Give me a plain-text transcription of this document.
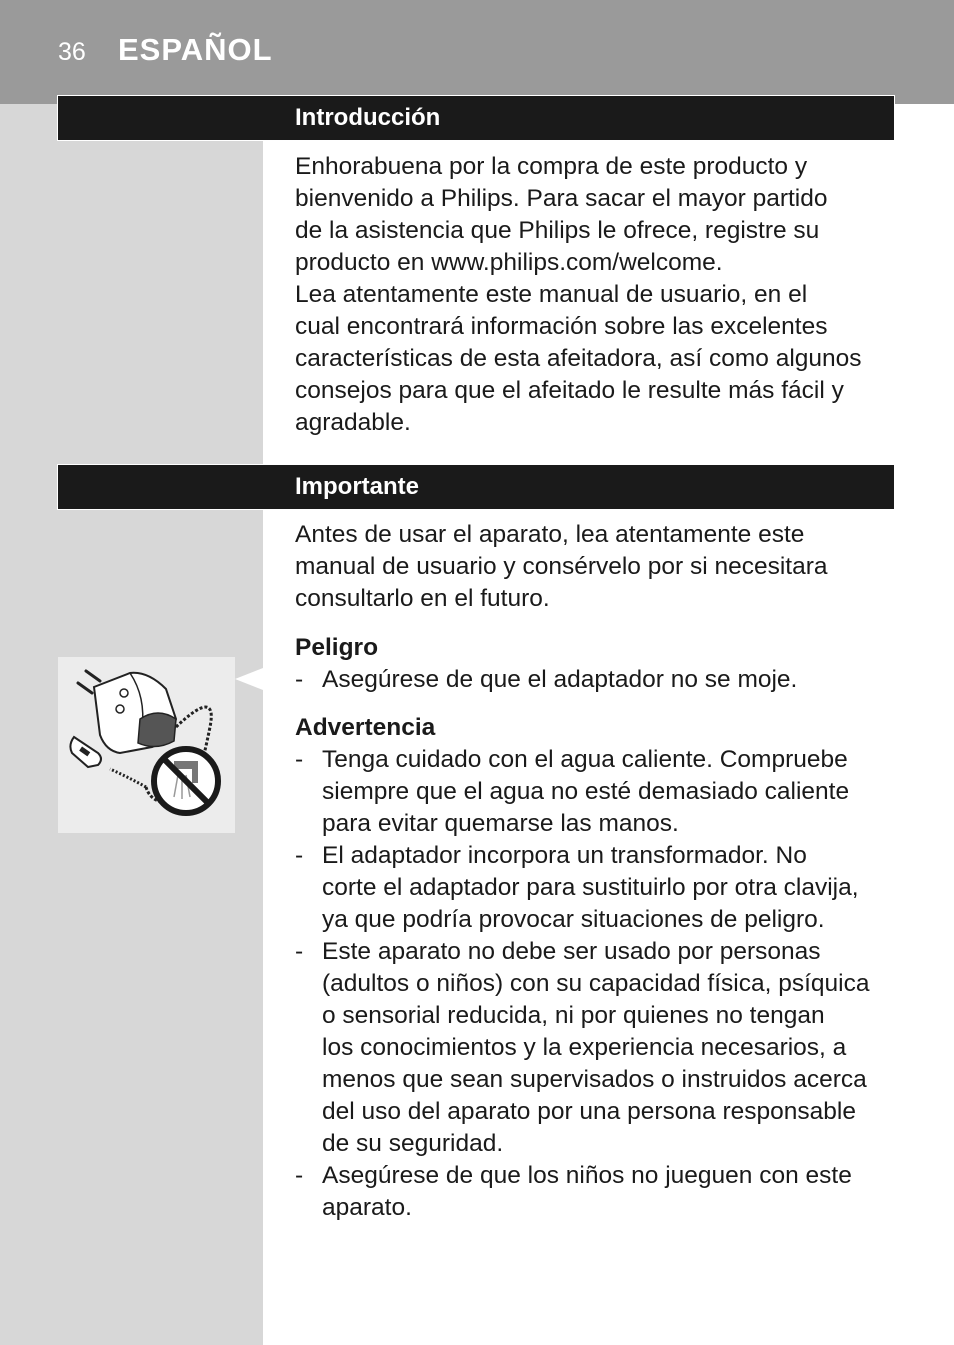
36 ESPAÑOL
Introducción

Enhorabuena por la compra de este producto y

bienvenido a Philips. Para sacar el mayor partido

de la asistencia que Philips le ofrece, registre su

producto en www.philips.com/welcome.

Lea atentamente este manual de usuario, en el

cual encontrará información sobre las excelentes

características de esta afeitadora, así como algunos

consejos para que el afeitado le resulte más fácil y

agradable.

Importante

Antes de usar el aparato, lea atentamente este

manual de usuario y consérvelo por si necesitara

consultarlo en el futuro.

Peligro

- Asegúrese de que el adaptador no se moje.

Advertencia

- Tenga cuidado con el agua caliente. Compruebe

siempre que el agua no esté demasiado caliente

para evitar quemarse las manos.

- El adaptador incorpora un transformador. No

corte el adaptador para sustituirlo por otra clavija,

ya que podría provocar situaciones de peligro.

- Este aparato no debe ser usado por personas

(adultos o niños) con su capacidad física, psíquica

o sensorial reducida, ni por quienes no tengan

los conocimientos y la experiencia necesarios, a

menos que sean supervisados o instruidos acerca

del uso del aparato por una persona responsable

de su seguridad.

- Asegúrese de que los niños no jueguen con este

aparato.
